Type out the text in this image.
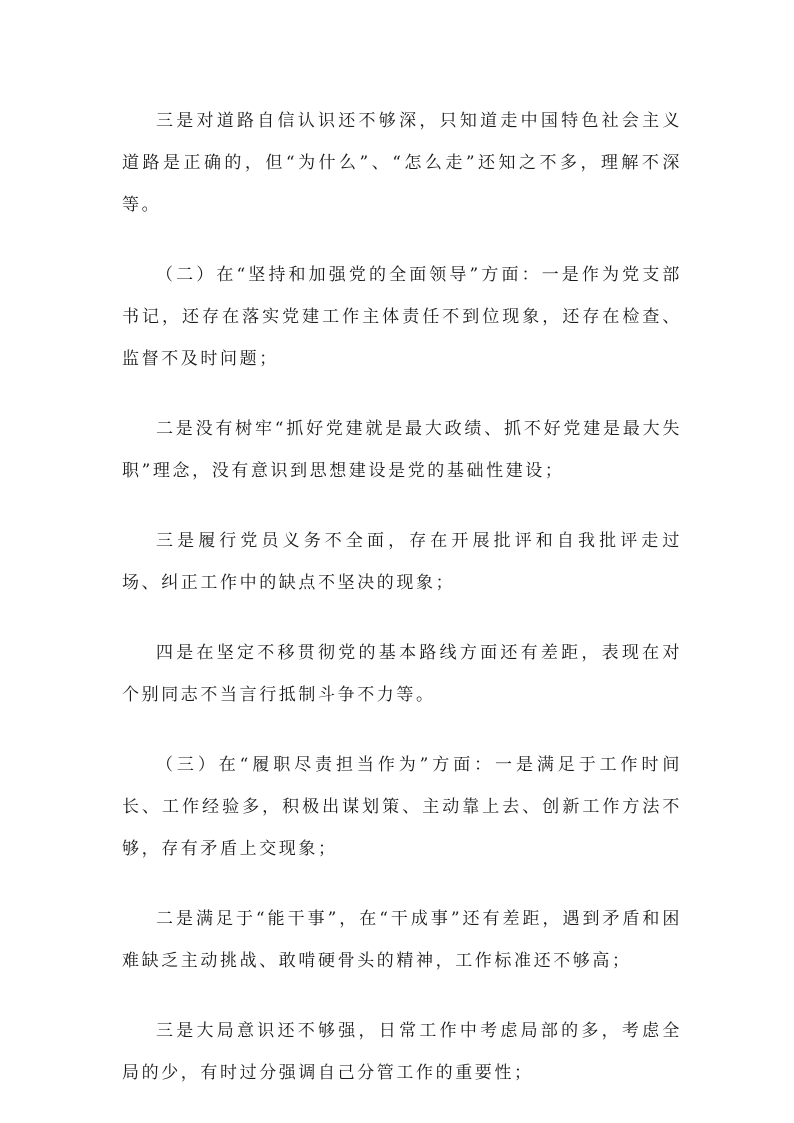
三是对道路自信认识还不够深，只知道走中国特色社会主义道路是正确的，但“为什么”、“怎么走”还知之不多，理解不深等。

（二）在“坚持和加强党的全面领导”方面：一是作为党支部书记，还存在落实党建工作主体责任不到位现象，还存在检查、监督不及时问题；

二是没有树牢“抓好党建就是最大政绩、抓不好党建是最大失职”理念，没有意识到思想建设是党的基础性建设；

三是履行党员义务不全面，存在开展批评和自我批评走过场、纠正工作中的缺点不坚决的现象；

四是在坚定不移贯彻党的基本路线方面还有差距，表现在对个别同志不当言行抵制斗争不力等。

（三）在“履职尽责担当作为”方面：一是满足于工作时间长、工作经验多，积极出谋划策、主动靠上去、创新工作方法不够，存有矛盾上交现象；

二是满足于“能干事”，在“干成事”还有差距，遇到矛盾和困难缺乏主动挑战、敢啃硬骨头的精神，工作标准还不够高；

三是大局意识还不够强，日常工作中考虑局部的多，考虑全局的少，有时过分强调自己分管工作的重要性；
